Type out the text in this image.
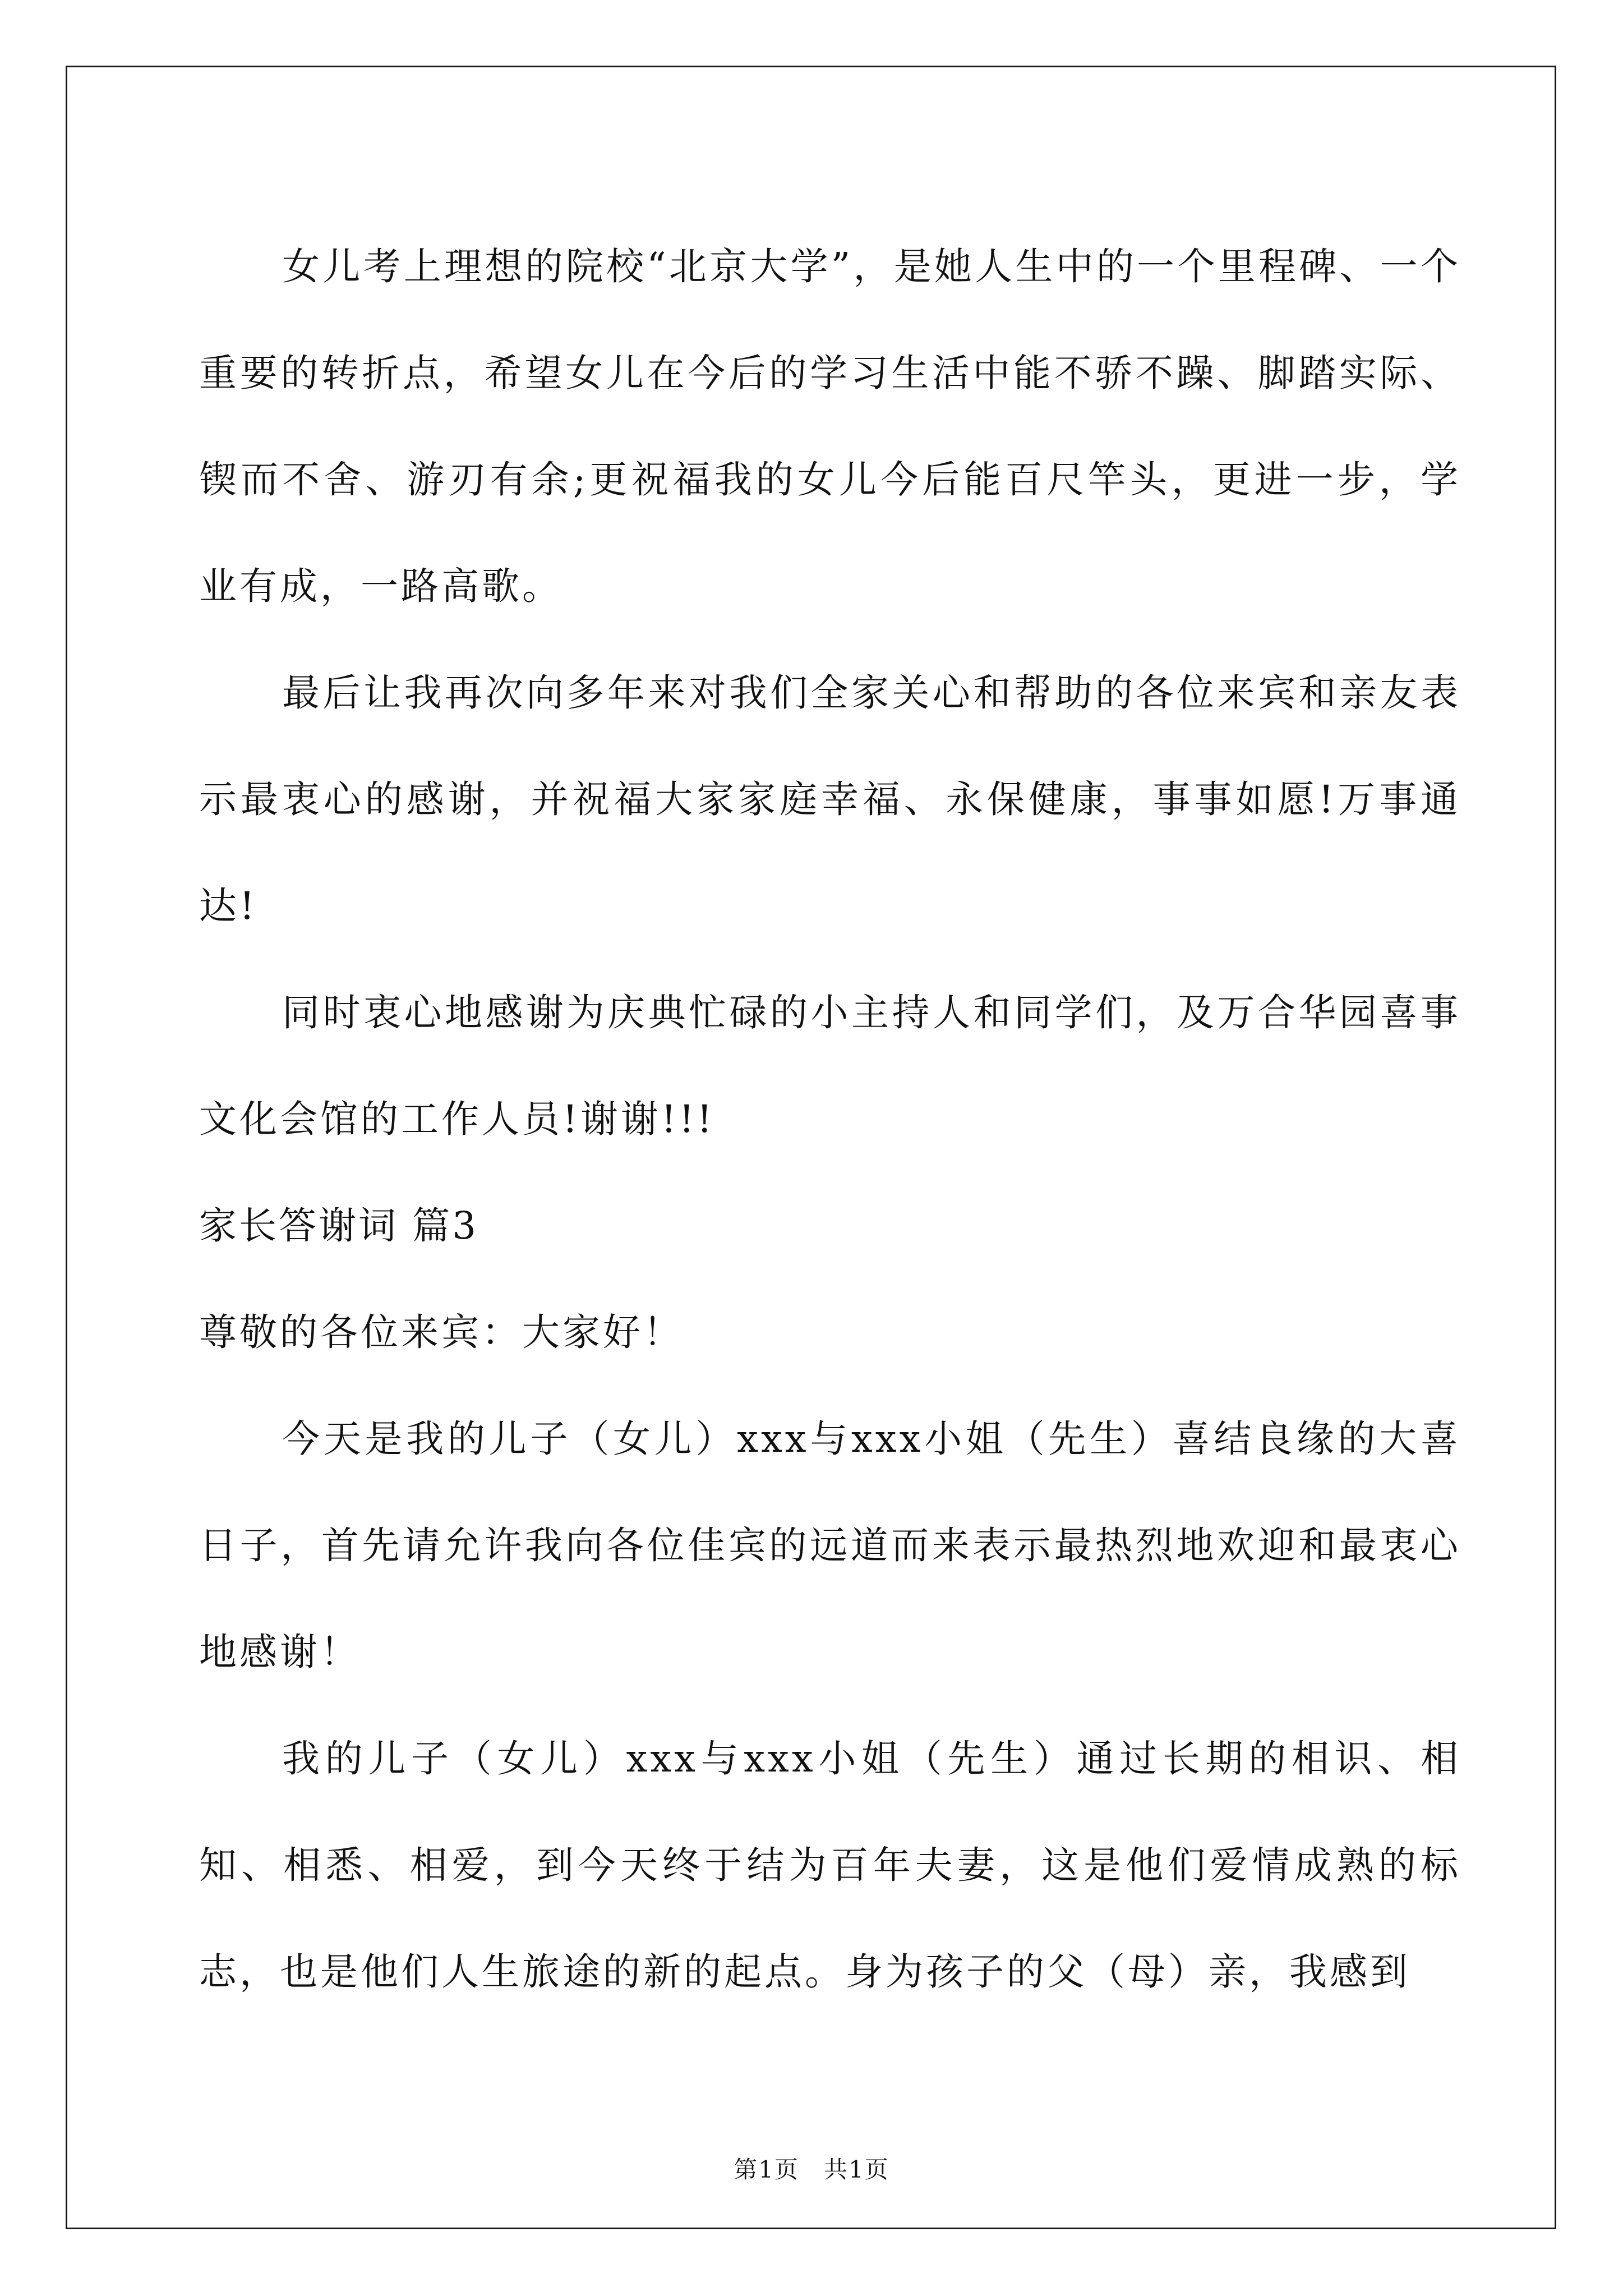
女儿考上理想的院校“北京大学”，是她人生中的一个里程碑、一个重要的转折点，希望女儿在今后的学习生活中能不骄不躁、脚踏实际、锲而不舍、游刃有余;更祝福我的女儿今后能百尺竿头，更进一步，学业有成，一路高歌。

最后让我再次向多年来对我们全家关心和帮助的各位来宾和亲友表示最衷心的感谢，并祝福大家家庭幸福、永保健康，事事如愿!万事通达!

同时衷心地感谢为庆典忙碌的小主持人和同学们，及万合华园喜事文化会馆的工作人员!谢谢!!!

家长答谢词 篇3

尊敬的各位来宾：大家好！

今天是我的儿子（女儿）xxx与xxx小姐（先生）喜结良缘的大喜日子，首先请允许我向各位佳宾的远道而来表示最热烈地欢迎和最衷心地感谢！

我的儿子（女儿）xxx与xxx小姐（先生）通过长期的相识、相知、相悉、相爱，到今天终于结为百年夫妻，这是他们爱情成熟的标志，也是他们人生旅途的新的起点。身为孩子的父（母）亲，我感到

第1页　共1页
